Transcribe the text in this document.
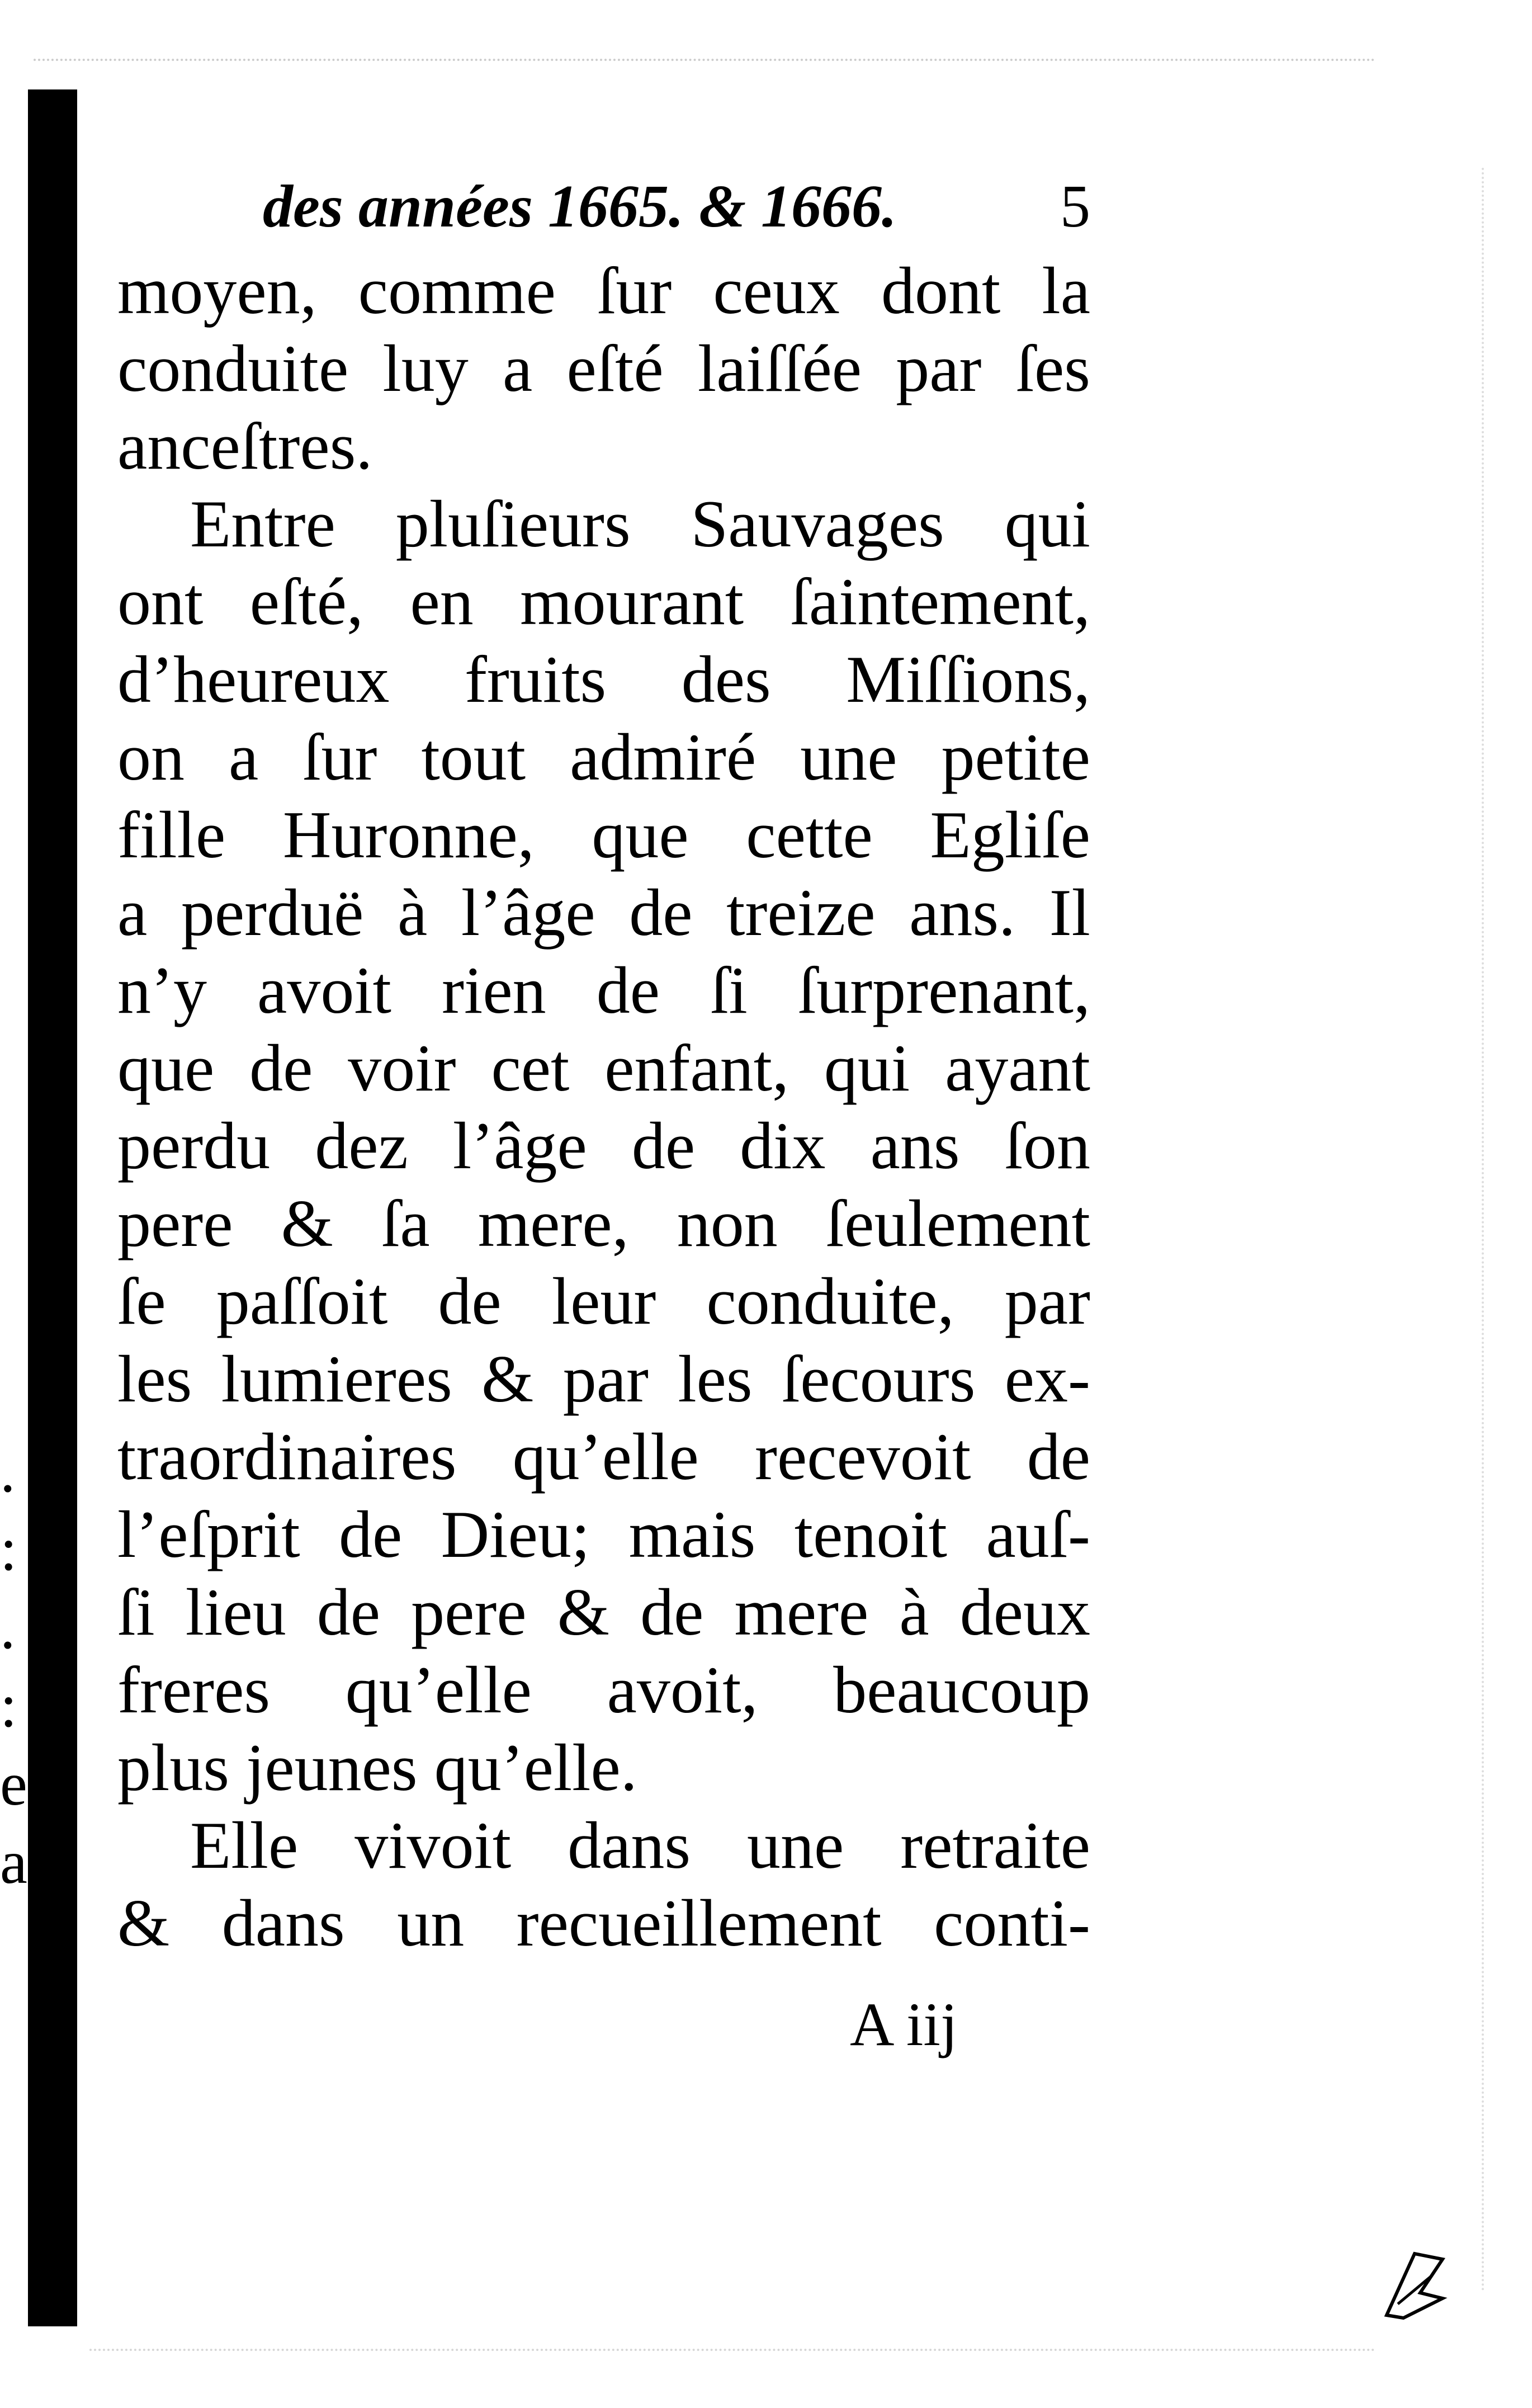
.
:
.
:
e
a
des années 1665. & 1666.	5
moyen, comme ſur ceux dont la
conduite luy a eſté laiſſée par ſes
anceſtres.
Entre pluſieurs Sauvages qui
ont eſté, en mourant ſaintement,
d’heureux fruits des Miſſions,
on a ſur tout admiré une petite
fille Huronne, que cette Egliſe
a perduë à l’âge de treize ans. Il
n’y avoit rien de ſi ſurprenant,
que de voir cet enfant, qui ayant
perdu dez l’âge de dix ans ſon
pere & ſa mere, non ſeulement
ſe paſſoit de leur conduite, par
les lumieres & par les ſecours ex-
traordinaires qu’elle recevoit de
l’eſprit de Dieu; mais tenoit auſ-
ſi lieu de pere & de mere à deux
freres qu’elle avoit, beaucoup
plus jeunes qu’elle.
Elle vivoit dans une retraite
& dans un recueillement conti-
A iij
